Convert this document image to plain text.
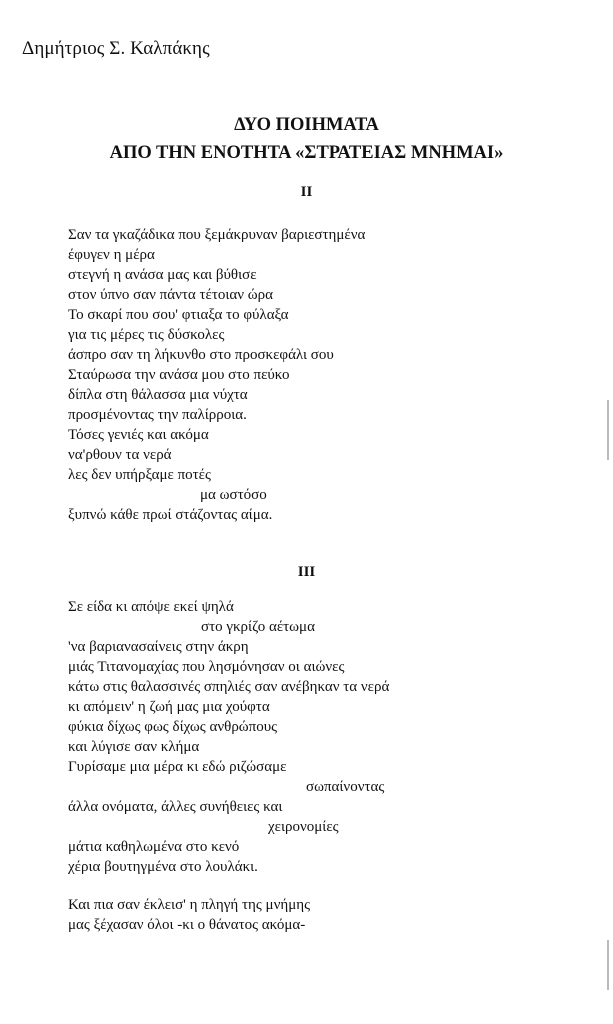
Δημήτριος Σ. Καλπάκης
ΔΥΟ ΠΟΙΗΜΑΤΑ
ΑΠΟ ΤΗΝ ΕΝΟΤΗΤΑ «ΣΤΡΑΤΕΙΑΣ ΜΝΗΜΑΙ»
II
Σαν τα γκαζάδικα που ξεμάκρυναν βαριεστημένα
έφυγεν η μέρα
στεγνή η ανάσα μας και βύθισε
στον ύπνο σαν πάντα τέτοιαν ώρα
Το σκαρί που σου' φτιαξα το φύλαξα
για τις μέρες τις δύσκολες
άσπρο σαν τη λήκυνθο στο προσκεφάλι σου
Σταύρωσα την ανάσα μου στο πεύκο
δίπλα στη θάλασσα μια νύχτα
προσμένοντας την παλίρροια.
Τόσες γενιές και ακόμα
να'ρθουν τα νερά
λες δεν υπήρξαμε ποτές
μα ωστόσο
ξυπνώ κάθε πρωί στάζοντας αίμα.
III
Σε είδα κι απόψε εκεί ψηλά
στο γκρίζο αέτωμα
'να βαριανασαίνεις στην άκρη
μιάς Τιτανομαχίας που λησμόνησαν οι αιώνες
κάτω στις θαλασσινές σπηλιές σαν ανέβηκαν τα νερά
κι απόμειν' η ζωή μας μια χούφτα
φύκια δίχως φως δίχως ανθρώπους
και λύγισε σαν κλήμα
Γυρίσαμε μια μέρα κι εδώ ριζώσαμε
σωπαίνοντας
άλλα ονόματα, άλλες συνήθειες και
χειρονομίες
μάτια καθηλωμένα στο κενό
χέρια βουτηγμένα στο λουλάκι.
Και πια σαν έκλεισ' η πληγή της μνήμης
μας ξέχασαν όλοι -κι ο θάνατος ακόμα-
